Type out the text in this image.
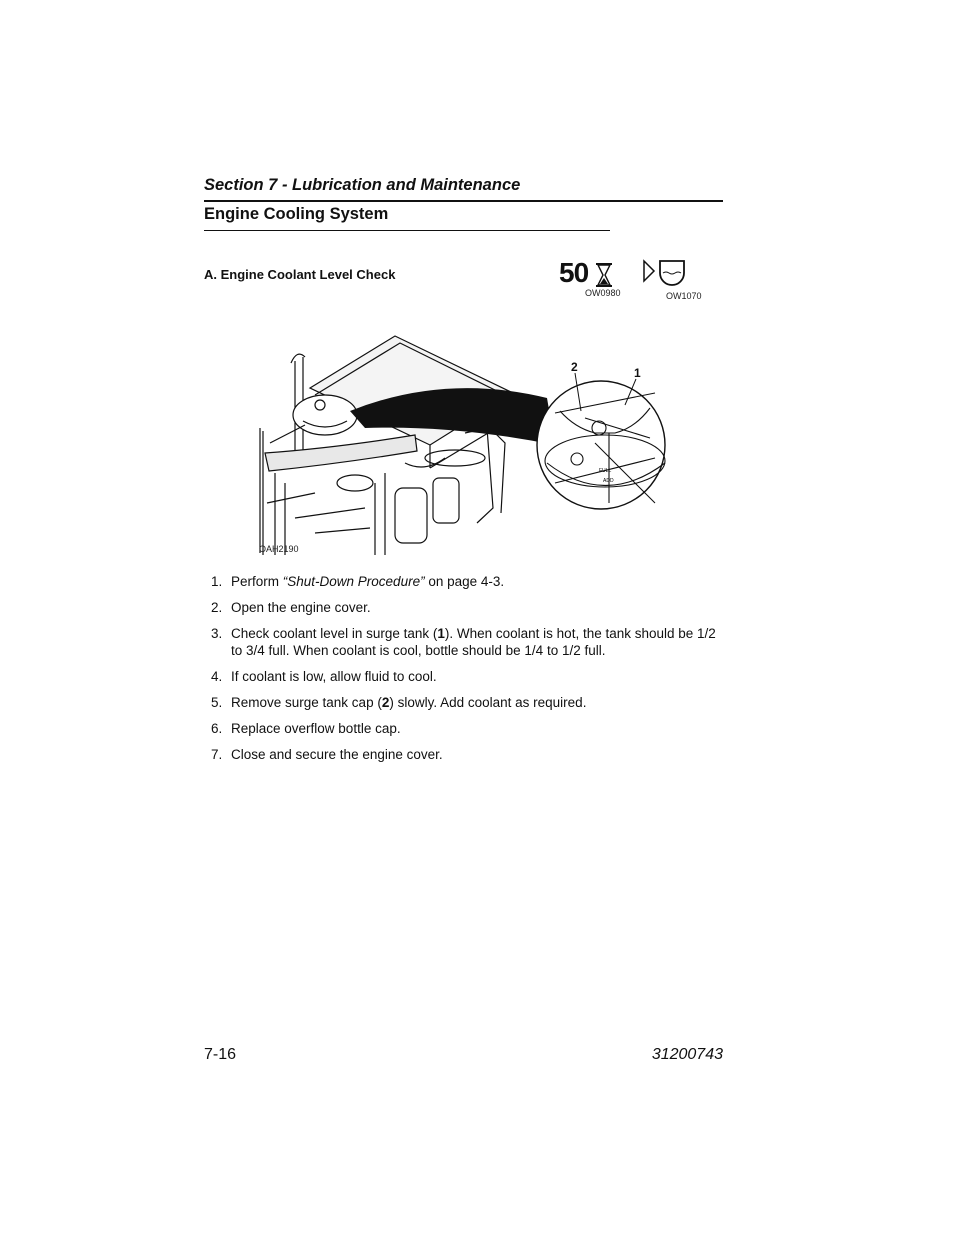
Section 7 - Lubrication and Maintenance
Engine Cooling System
A. Engine Coolant Level Check	50
OW0980	OW1070
FULL
ADD
2	1
OAH2190
1. Perform “Shut-Down Procedure” on page 4-3.
2. Open the engine cover.
3. Check coolant level in surge tank (1). When coolant is hot, the tank should be 1/2 to 3/4 full. When coolant is cool, bottle should be 1/4 to 1/2 full.
4. If coolant is low, allow fluid to cool.
5. Remove surge tank cap (2) slowly. Add coolant as required.
6. Replace overflow bottle cap.
7. Close and secure the engine cover.
7-16	31200743
